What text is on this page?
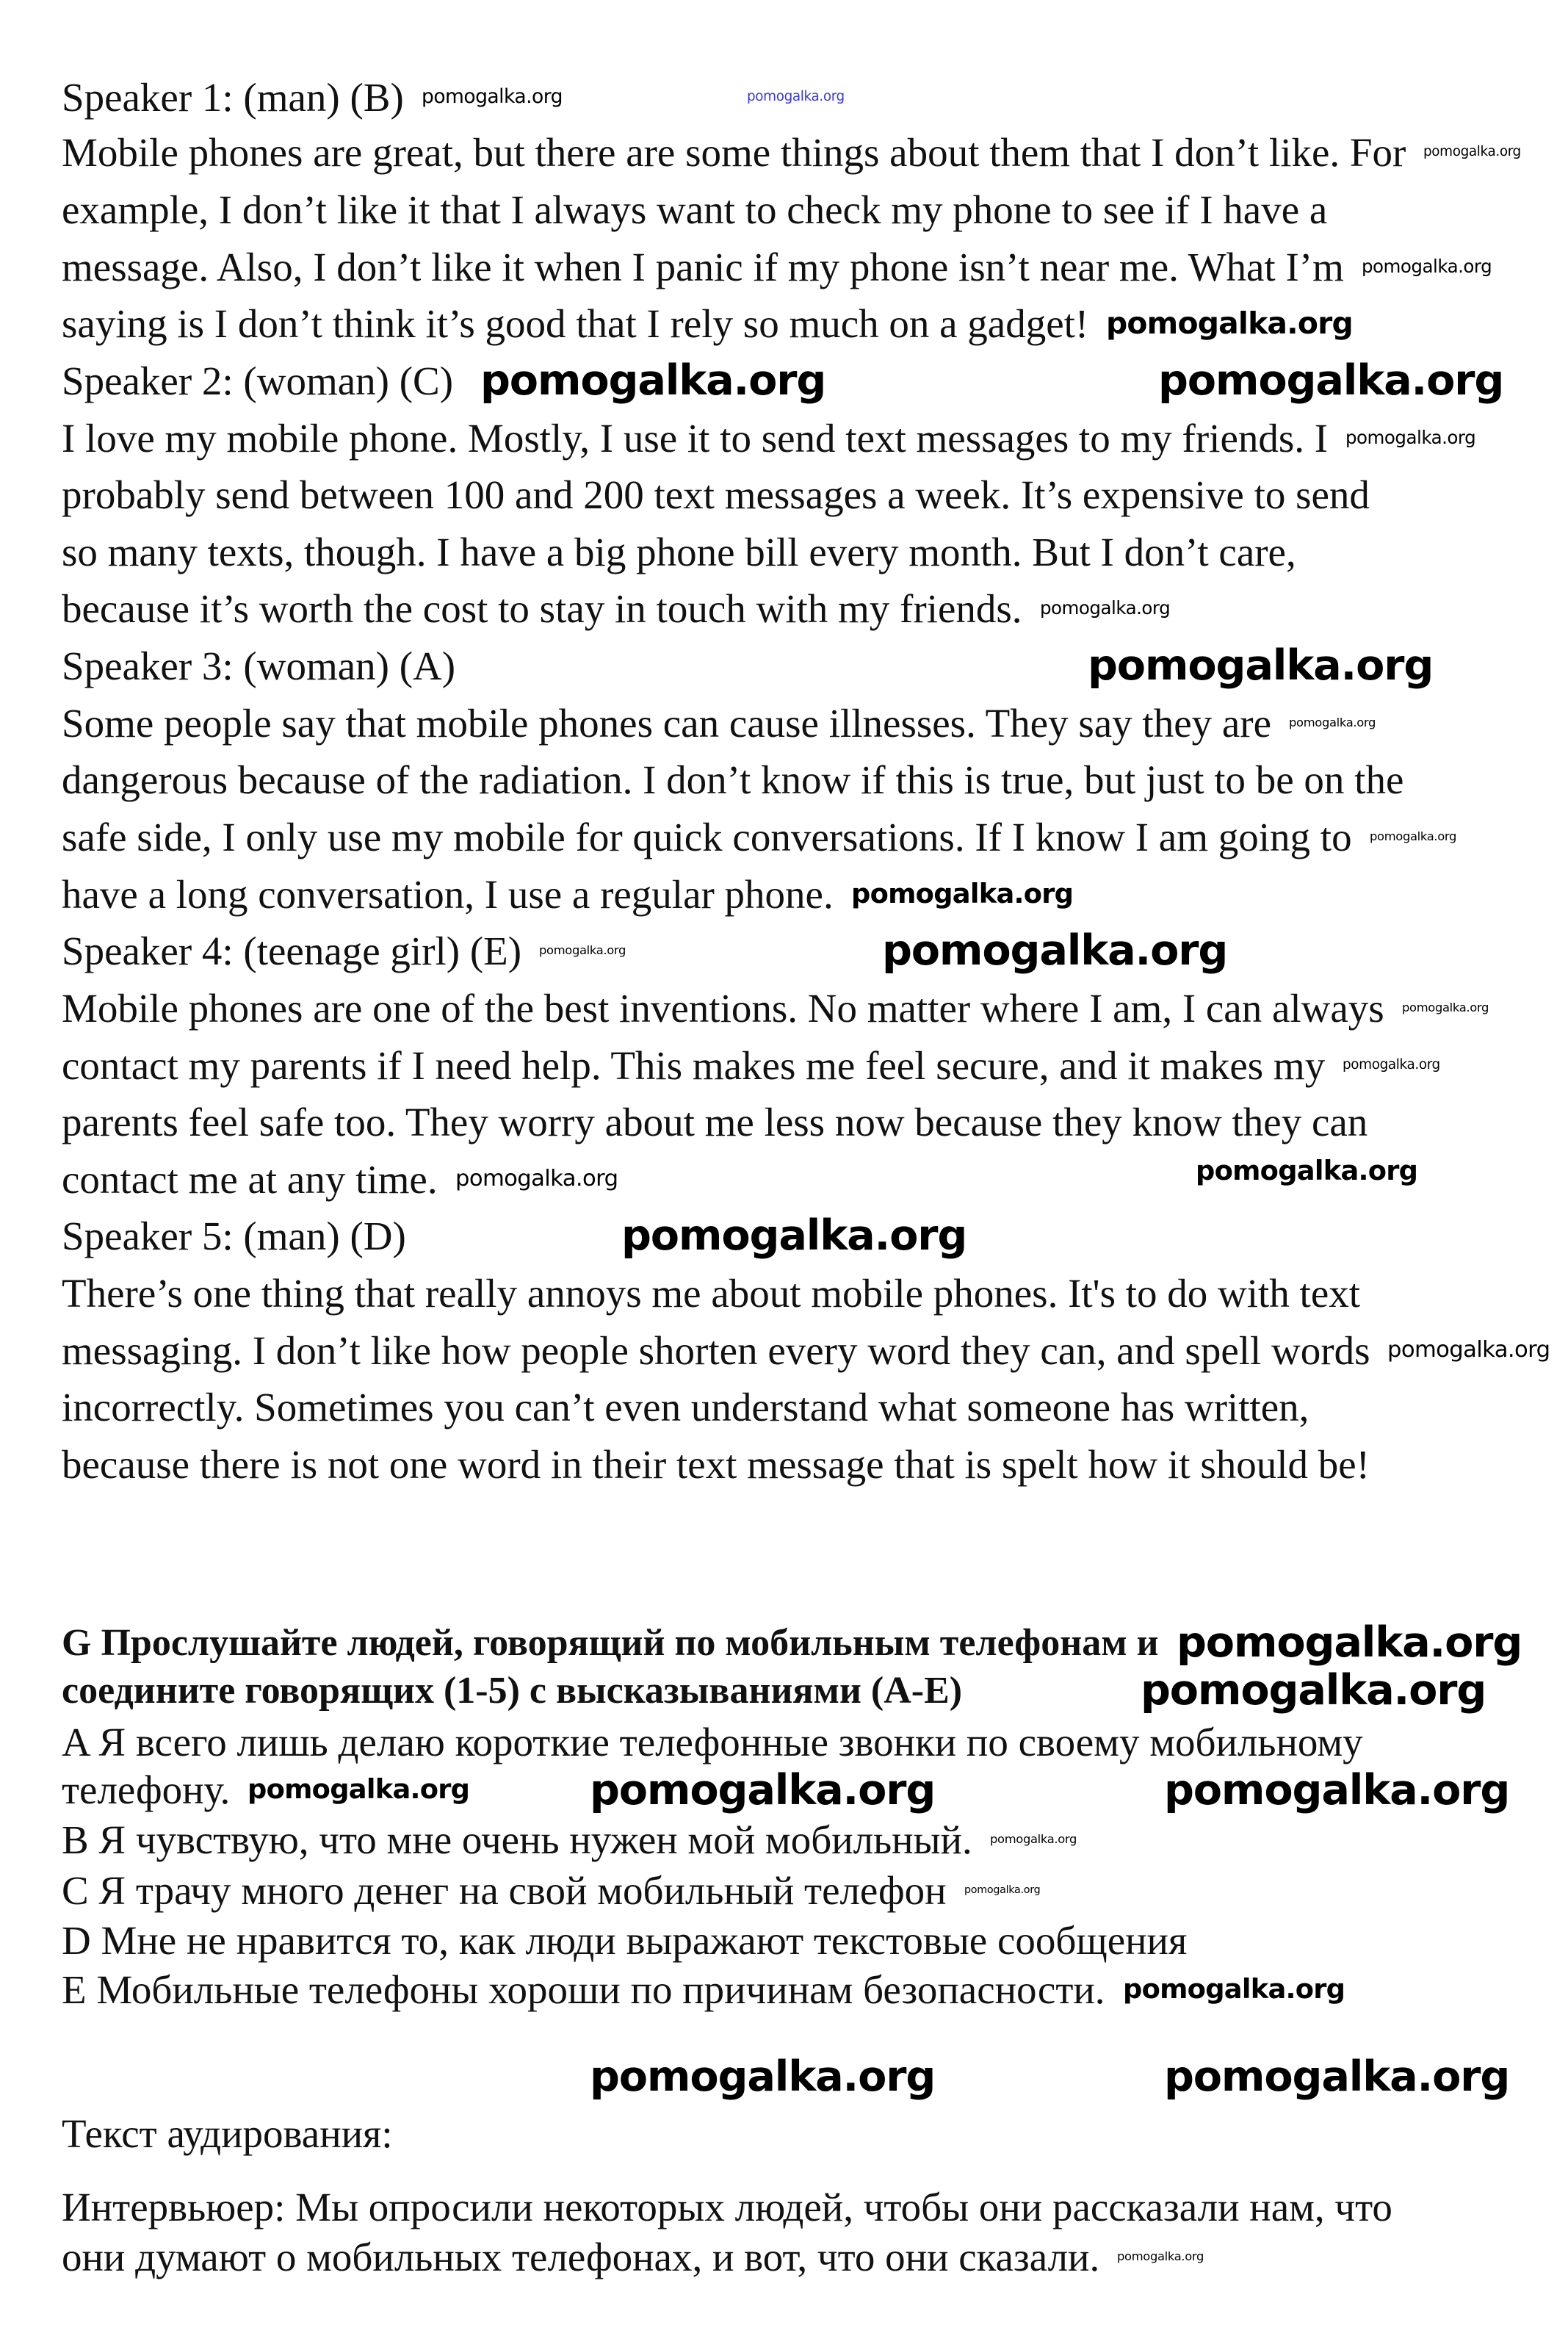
Speaker 1: (man) (B)
Mobile phones are great, but there are some things about them that I don’t like. For
example, I don’t like it that I always want to check my phone to see if I have a
message. Also, I don’t like it when I panic if my phone isn’t near me. What I’m
saying is I don’t think it’s good that I rely so much on a gadget!
Speaker 2: (woman) (C)
I love my mobile phone. Mostly, I use it to send text messages to my friends. I
probably send between 100 and 200 text messages a week. It’s expensive to send
so many texts, though. I have a big phone bill every month. But I don’t care,
because it’s worth the cost to stay in touch with my friends.
Speaker 3: (woman) (A)
Some people say that mobile phones can cause illnesses. They say they are
dangerous because of the radiation. I don’t know if this is true, but just to be on the
safe side, I only use my mobile for quick conversations. If I know I am going to
have a long conversation, I use a regular phone.
Speaker 4: (teenage girl) (E)
Mobile phones are one of the best inventions. No matter where I am, I can always
contact my parents if I need help. This makes me feel secure, and it makes my
parents feel safe too. They worry about me less now because they know they can
contact me at any time.
Speaker 5: (man) (D)
There’s one thing that really annoys me about mobile phones. It's to do with text
messaging. I don’t like how people shorten every word they can, and spell words
incorrectly. Sometimes you can’t even understand what someone has written,
because there is not one word in their text message that is spelt how it should be!
G Прослушайте людей, говорящий по мобильным телефонам и
соедините говорящих (1-5) с высказываниями (A-E)
A Я всего лишь делаю короткие телефонные звонки по своему мобильному
телефону.
B Я чувствую, что мне очень нужен мой мобильный.
C Я трачу много денег на свой мобильный телефон
D Мне не нравится то, как люди выражают текстовые сообщения
E Мобильные телефоны хороши по причинам безопасности.
Текст аудирования:
Интервьюер: Мы опросили некоторых людей, чтобы они рассказали нам, что
они думают о мобильных телефонах, и вот, что они сказали.
pomogalka.org
pomogalka.org
pomogalka.org
pomogalka.org
pomogalka.org
pomogalka.org
pomogalka.org
pomogalka.org
pomogalka.org
pomogalka.org
pomogalka.org
pomogalka.org
pomogalka.org
pomogalka.org
pomogalka.org
pomogalka.org
pomogalka.org
pomogalka.org
pomogalka.org
pomogalka.org
pomogalka.org
pomogalka.org
pomogalka.org
pomogalka.org
pomogalka.org
pomogalka.org	pomogalka.org
pomogalka.org
pomogalka.org
pomogalka.org	pomogalka.org
pomogalka.org
